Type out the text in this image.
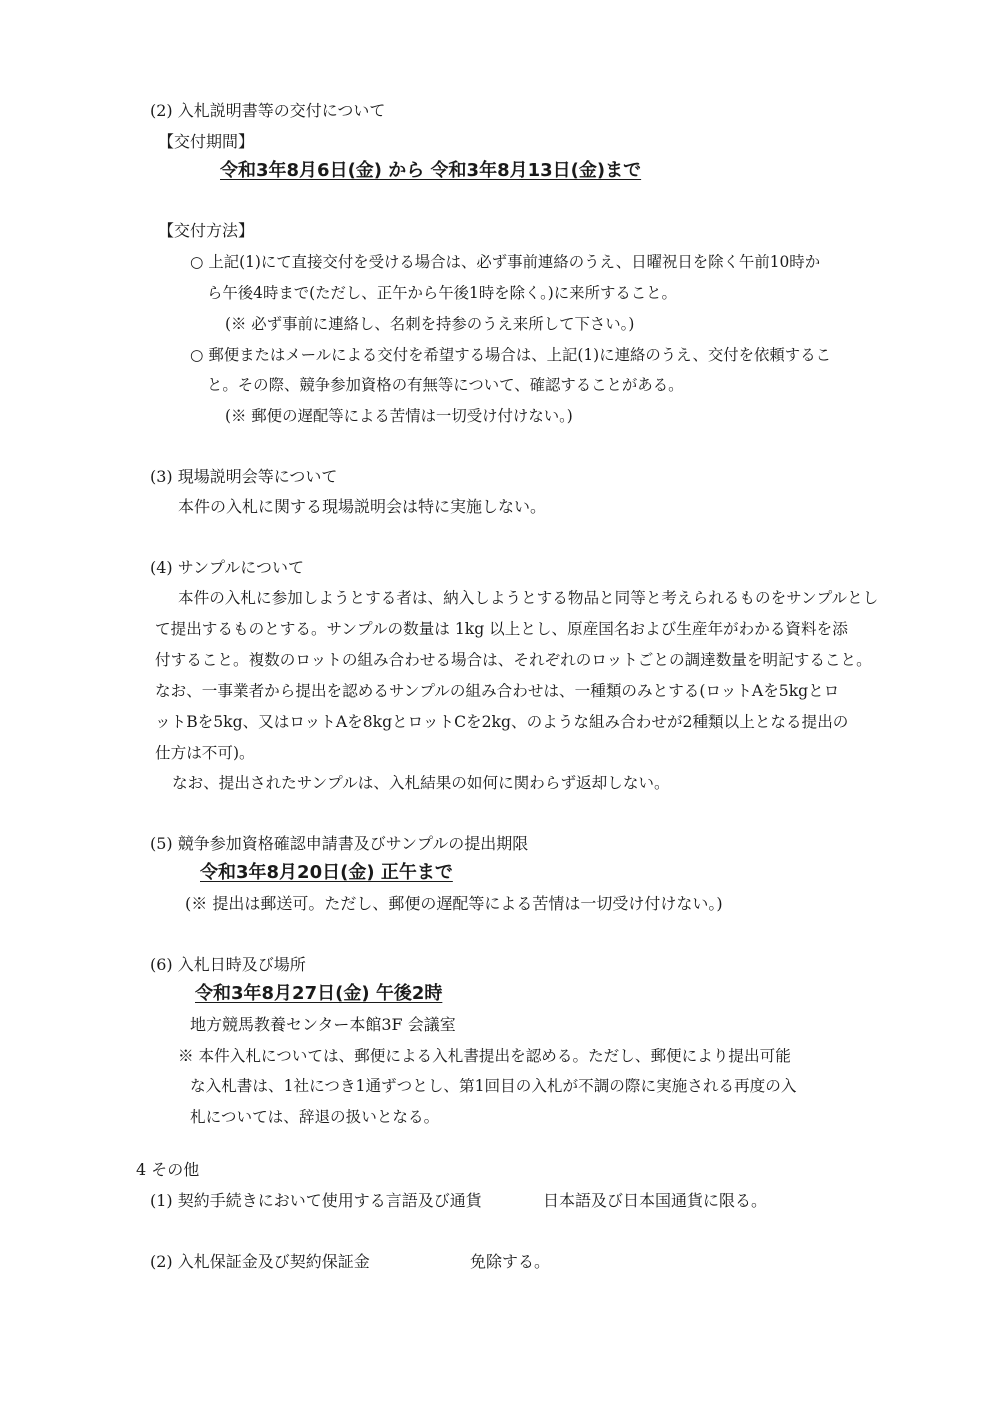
(2) 入札説明書等の交付について
【交付期間】
令和3年8月6日(金) から 令和3年8月13日(金)まで
【交付方法】
○ 上記(1)にて直接交付を受ける場合は、必ず事前連絡のうえ、日曜祝日を除く午前10時か
ら午後4時まで(ただし、正午から午後1時を除く。)に来所すること。
(※ 必ず事前に連絡し、名刺を持参のうえ来所して下さい。)
○ 郵便またはメールによる交付を希望する場合は、上記(1)に連絡のうえ、交付を依頼するこ
と。その際、競争参加資格の有無等について、確認することがある。
(※ 郵便の遅配等による苦情は一切受け付けない。)
(3) 現場説明会等について
本件の入札に関する現場説明会は特に実施しない。
(4) サンプルについて
本件の入札に参加しようとする者は、納入しようとする物品と同等と考えられるものをサンプルとし
て提出するものとする。サンプルの数量は 1kg 以上とし、原産国名および生産年がわかる資料を添
付すること。複数のロットの組み合わせる場合は、それぞれのロットごとの調達数量を明記すること。
なお、一事業者から提出を認めるサンプルの組み合わせは、一種類のみとする(ロットAを5kgとロ
ットBを5kg、又はロットAを8kgとロットCを2kg、のような組み合わせが2種類以上となる提出の
仕方は不可)。
なお、提出されたサンプルは、入札結果の如何に関わらず返却しない。
(5) 競争参加資格確認申請書及びサンプルの提出期限
令和3年8月20日(金) 正午まで
(※ 提出は郵送可。ただし、郵便の遅配等による苦情は一切受け付けない。)
(6) 入札日時及び場所
令和3年8月27日(金) 午後2時
地方競馬教養センター本館3F 会議室
※ 本件入札については、郵便による入札書提出を認める。ただし、郵便により提出可能
な入札書は、1社につき1通ずつとし、第1回目の入札が不調の際に実施される再度の入
札については、辞退の扱いとなる。
4 その他
(1) 契約手続きにおいて使用する言語及び通貨	日本語及び日本国通貨に限る。
(2) 入札保証金及び契約保証金	免除する。
